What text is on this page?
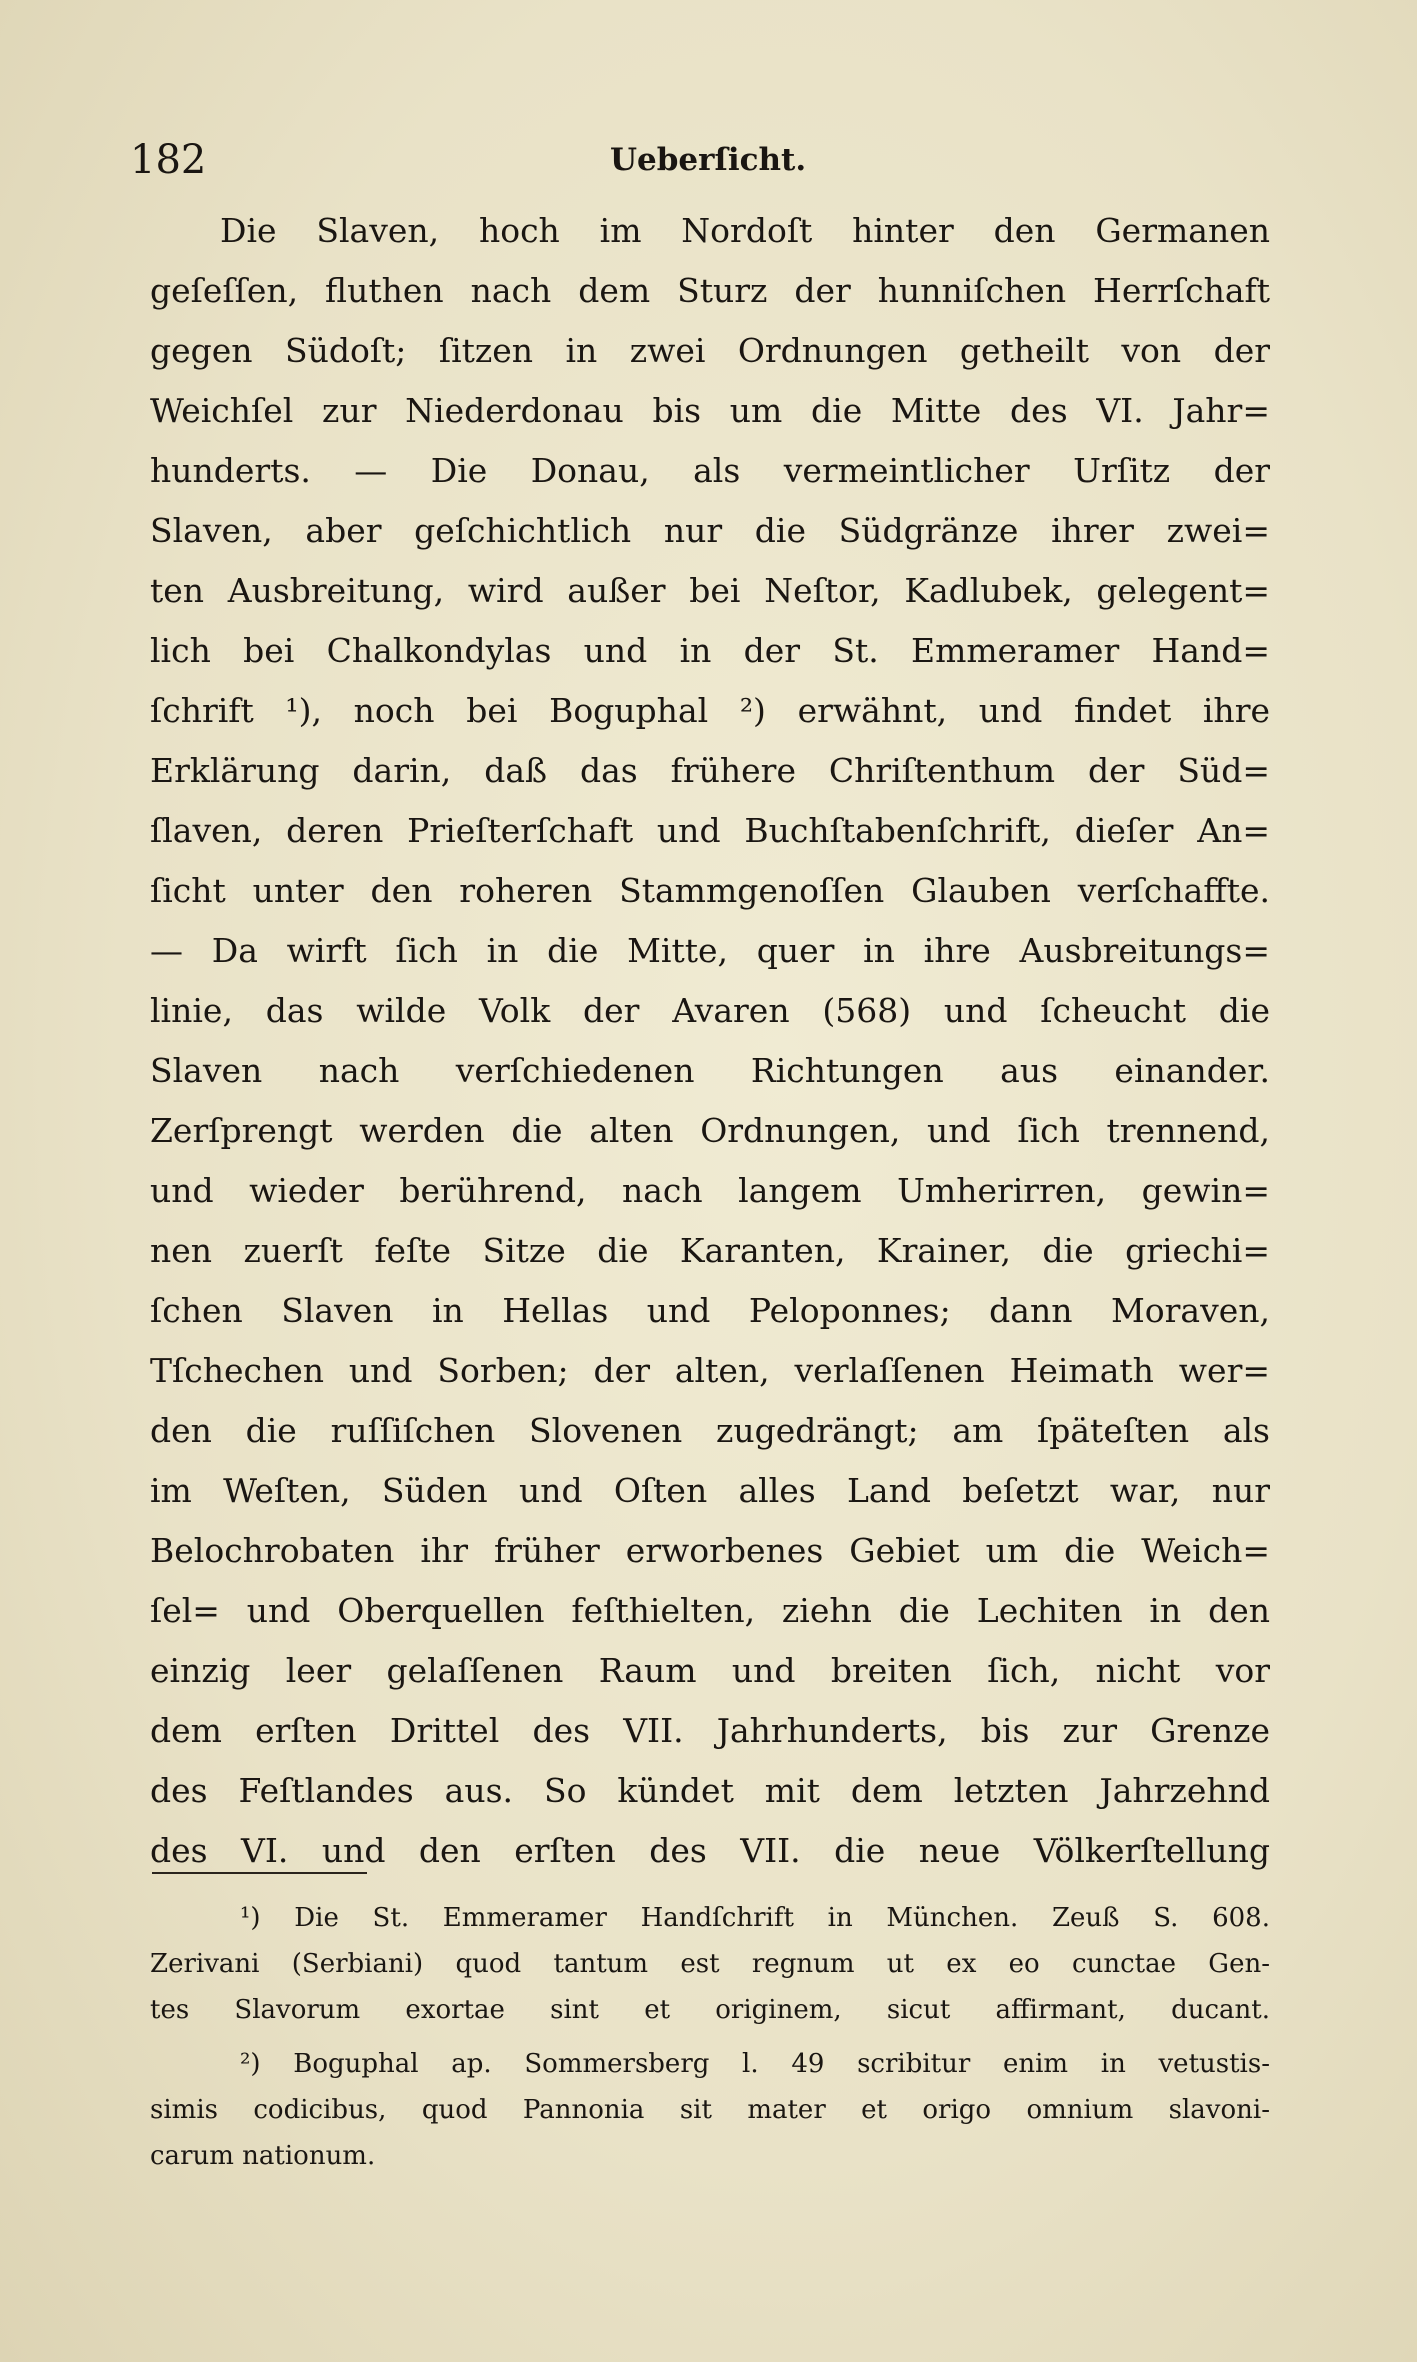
182	Ueberſicht.
Die Slaven, hoch im Nordoſt hinter den Germanen
geſeſſen, fluthen nach dem Sturz der hunniſchen Herrſchaft
gegen Südoſt; ſitzen in zwei Ordnungen getheilt von der
Weichſel zur Niederdonau bis um die Mitte des VI. Jahr=
hunderts. — Die Donau, als vermeintlicher Urſitz der
Slaven, aber geſchichtlich nur die Südgränze ihrer zwei=
ten Ausbreitung, wird außer bei Neſtor, Kadlubek, gelegent=
lich bei Chalkondylas und in der St. Emmeramer Hand=
ſchrift ¹), noch bei Boguphal ²) erwähnt, und findet ihre
Erklärung darin, daß das frühere Chriſtenthum der Süd=
ſlaven, deren Prieſterſchaft und Buchſtabenſchrift, dieſer An=
ſicht unter den roheren Stammgenoſſen Glauben verſchaffte.
— Da wirft ſich in die Mitte, quer in ihre Ausbreitungs=
linie, das wilde Volk der Avaren (568) und ſcheucht die
Slaven nach verſchiedenen Richtungen aus einander.
Zerſprengt werden die alten Ordnungen, und ſich trennend,
und wieder berührend, nach langem Umherirren, gewin=
nen zuerſt feſte Sitze die Karanten, Krainer, die griechi=
ſchen Slaven in Hellas und Peloponnes; dann Moraven,
Tſchechen und Sorben; der alten, verlaſſenen Heimath wer=
den die ruſſiſchen Slovenen zugedrängt; am ſpäteſten als
im Weſten, Süden und Oſten alles Land beſetzt war, nur
Belochrobaten ihr früher erworbenes Gebiet um die Weich=
ſel= und Oberquellen feſthielten, ziehn die Lechiten in den
einzig leer gelaſſenen Raum und breiten ſich, nicht vor
dem erſten Drittel des VII. Jahrhunderts, bis zur Grenze
des Feſtlandes aus. So kündet mit dem letzten Jahrzehnd
des VI. und den erſten des VII. die neue Völkerſtellung
¹) Die St. Emmeramer Handſchrift in München. Zeuß S. 608.
Zerivani (Serbiani) quod tantum est regnum ut ex eo cunctae Gen-
tes Slavorum exortae sint et originem, sicut affirmant, ducant.
²) Boguphal ap. Sommersberg l. 49 scribitur enim in vetustis-
simis codicibus, quod Pannonia sit mater et origo omnium slavoni-
carum nationum.
